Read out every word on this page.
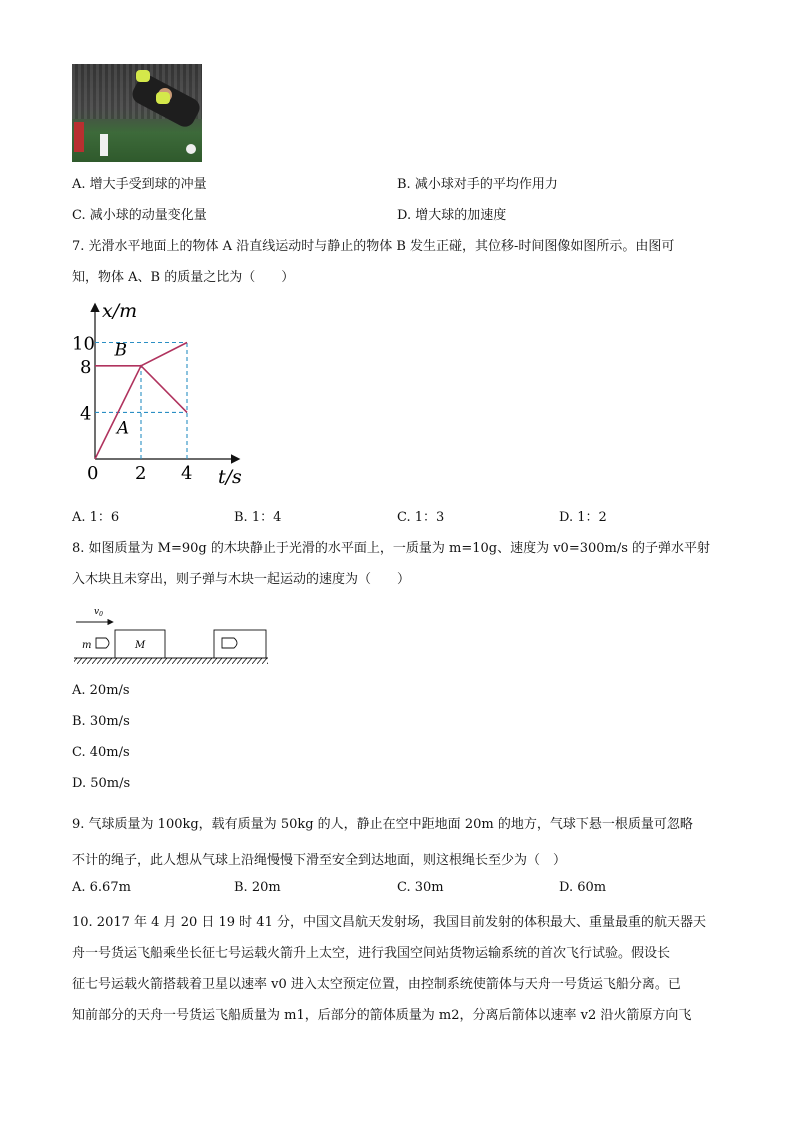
A. 增大手受到球的冲量	B. 减小球对手的平均作用力
C. 减小球的动量变化量	D. 增大球的加速度
7. 光滑水平地面上的物体 A 沿直线运动时与静止的物体 B 发生正碰，其位移-时间图像如图所示。由图可
知，物体 A、B 的质量之比为（　　）
A
B
2 4
4
8
10
x/m
t/s
0
A. 1：6	B. 1：4	C. 1：3	D. 1：2
8. 如图质量为 M=90g 的木块静止于光滑的水平面上，一质量为 m=10g、速度为 v0=300m/s 的子弹水平射
入木块且未穿出，则子弹与木块一起运动的速度为（　　）
$v_0$
m	M
A. 20m/s
B. 30m/s
C. 40m/s
D. 50m/s
9. 气球质量为 100kg，载有质量为 50kg 的人，静止在空中距地面 20m 的地方，气球下悬一根质量可忽略
不计的绳子，此人想从气球上沿绳慢慢下滑至安全到达地面，则这根绳长至少为（　）
A. 6.67m	B. 20m	C. 30m	D. 60m
10. 2017 年 4 月 20 日 19 时 41 分，中国文昌航天发射场，我国目前发射的体积最大、重量最重的航天器天
舟一号货运飞船乘坐长征七号运载火箭升上太空，进行我国空间站货物运输系统的首次飞行试验。假设长
征七号运载火箭搭载着卫星以速率 v0 进入太空预定位置，由控制系统使箭体与天舟一号货运飞船分离。已
知前部分的天舟一号货运飞船质量为 m1，后部分的箭体质量为 m2，分离后箭体以速率 v2 沿火箭原方向飞
